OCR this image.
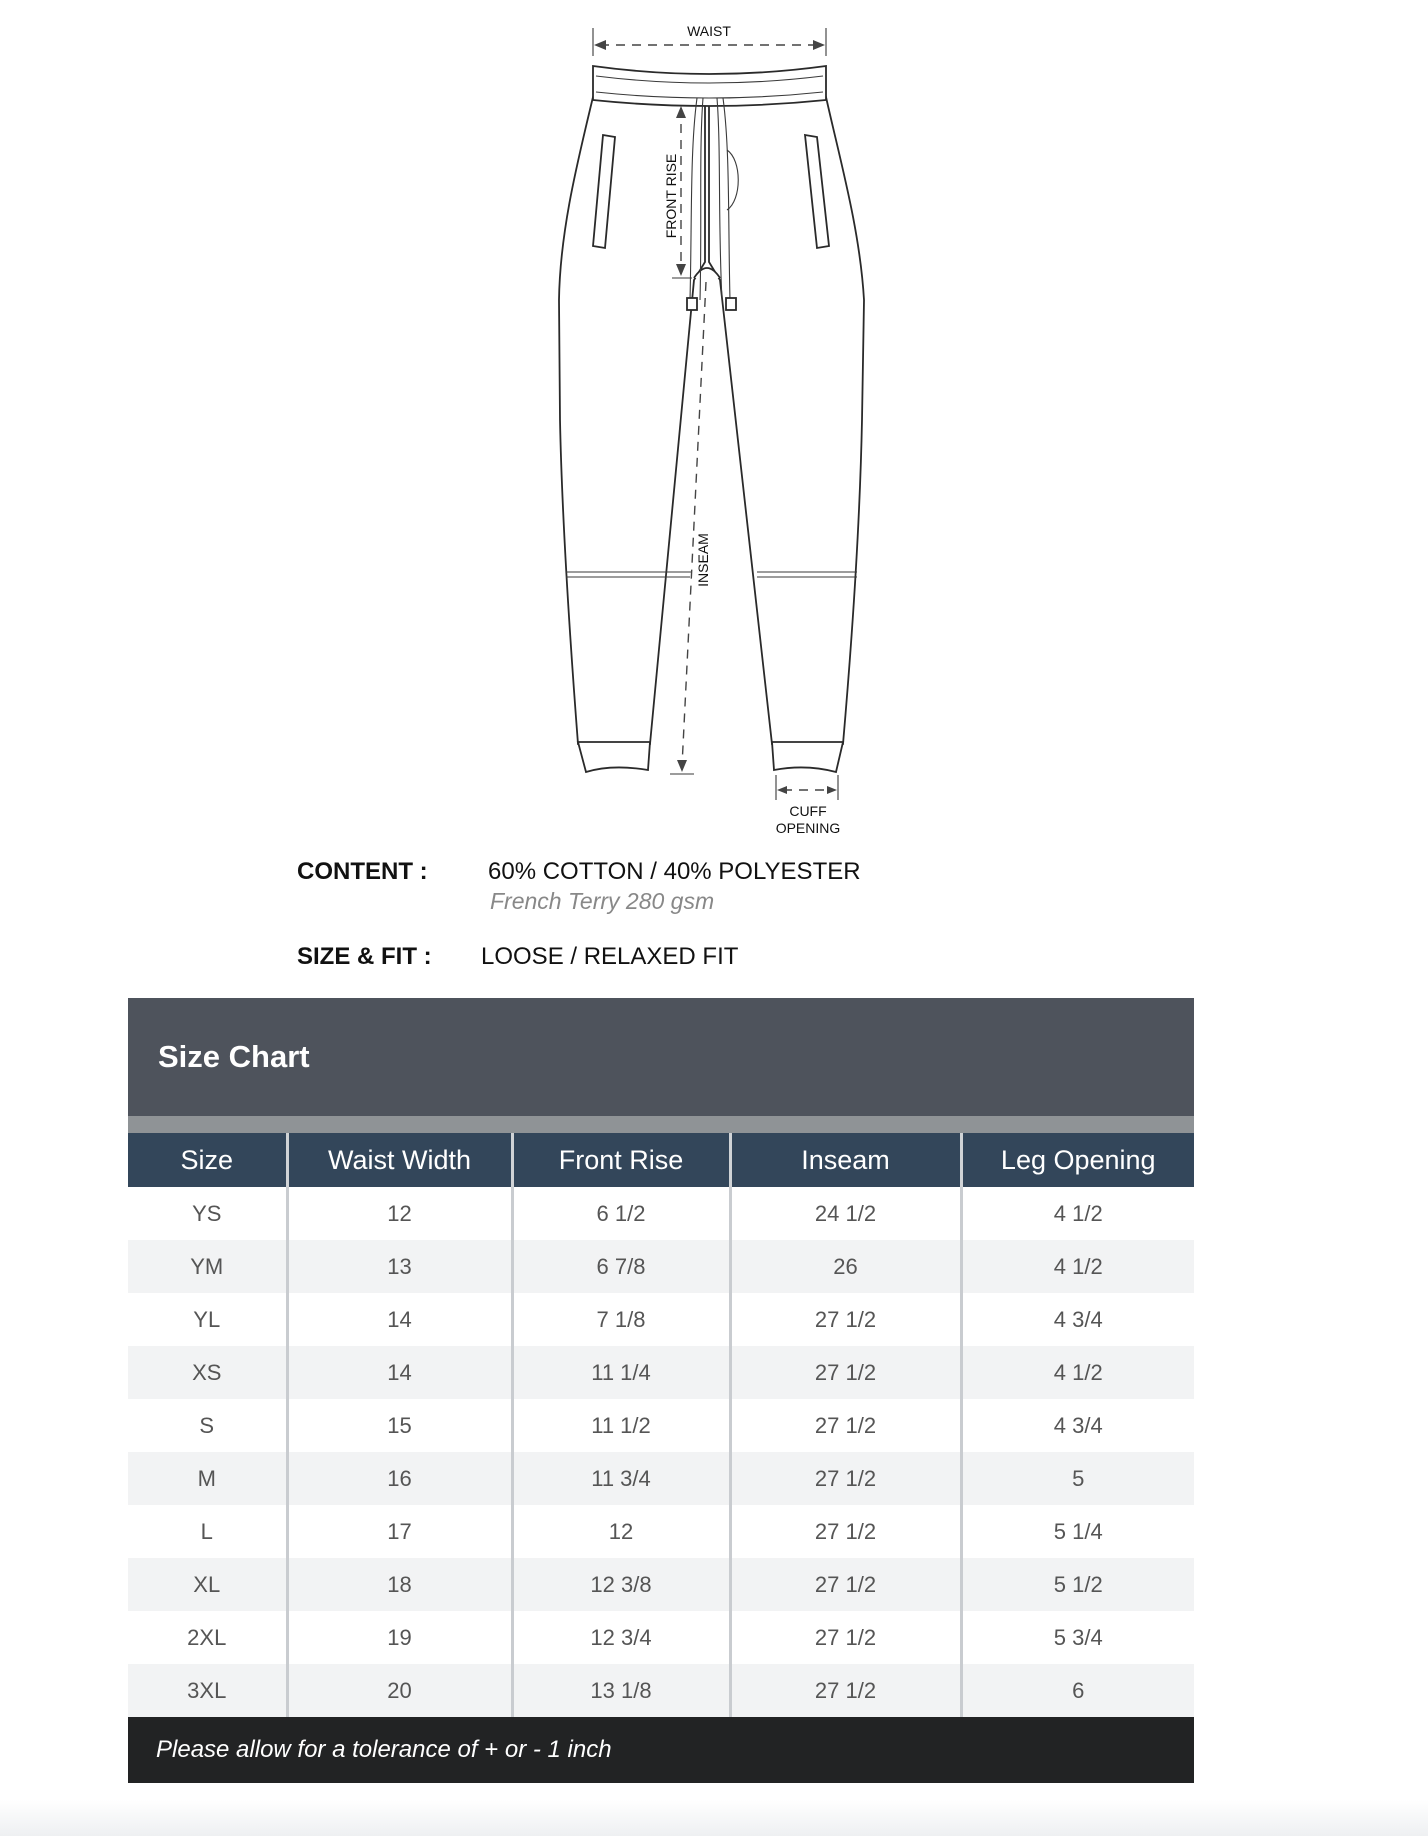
WAIST
FRONT RISE
INSEAM
CUFF
OPENING
CONTENT :	60% COTTON / 40% POLYESTER
French Terry 280 gsm
SIZE & FIT : LOOSE / RELAXED FIT
Size Chart
Size	Waist Width	Front Rise	Inseam	Leg Opening
YS	12	6 1/2	24 1/2	4 1/2
YM	13	6 7/8	26	4 1/2
YL	14	7 1/8	27 1/2	4 3/4
XS	14	11 1/4	27 1/2	4 1/2
S	15	11 1/2	27 1/2	4 3/4
M	16	11 3/4	27 1/2	5
L	17	12	27 1/2	5 1/4
XL	18	12 3/8	27 1/2	5 1/2
2XL	19	12 3/4	27 1/2	5 3/4
3XL	20	13 1/8	27 1/2	6
Please allow for a tolerance of + or - 1 inch
